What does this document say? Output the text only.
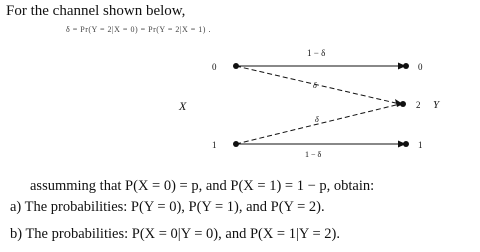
For the channel shown below,
δ = Pr(Y = 2|X = 0) = Pr(Y = 2|X = 1) .
0
1
0
1
2
X	Y
1 − δ
1 − δ
δ
δ
assumming that P(X = 0) = p, and P(X = 1) = 1 − p, obtain:
a) The probabilities: P(Y = 0), P(Y = 1), and P(Y = 2).
b) The probabilities: P(X = 0|Y = 0), and P(X = 1|Y = 2).
